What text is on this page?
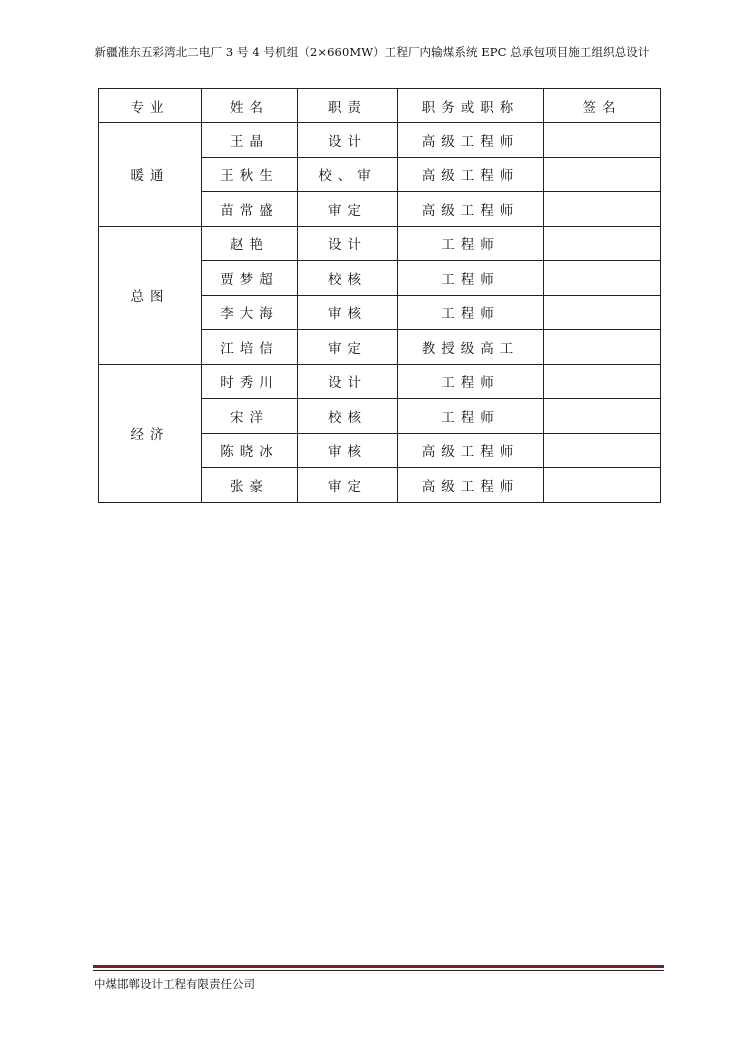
新疆准东五彩湾北二电厂 3 号 4 号机组（2×660MW）工程厂内输煤系统 EPC 总承包项目施工组织总设计
专业	姓名	职责	职务或职称	签名
暖通	王晶	设计	高级工程师	
	王秋生	校、审	高级工程师	
	苗常盛	审定	高级工程师	
总图	赵艳	设计	工程师	
	贾梦超	校核	工程师	
	李大海	审核	工程师	
	江培信	审定	教授级高工	
经济	时秀川	设计	工程师	
	宋洋	校核	工程师	
	陈晓冰	审核	高级工程师	
	张豪	审定	高级工程师	
中煤邯郸设计工程有限责任公司
